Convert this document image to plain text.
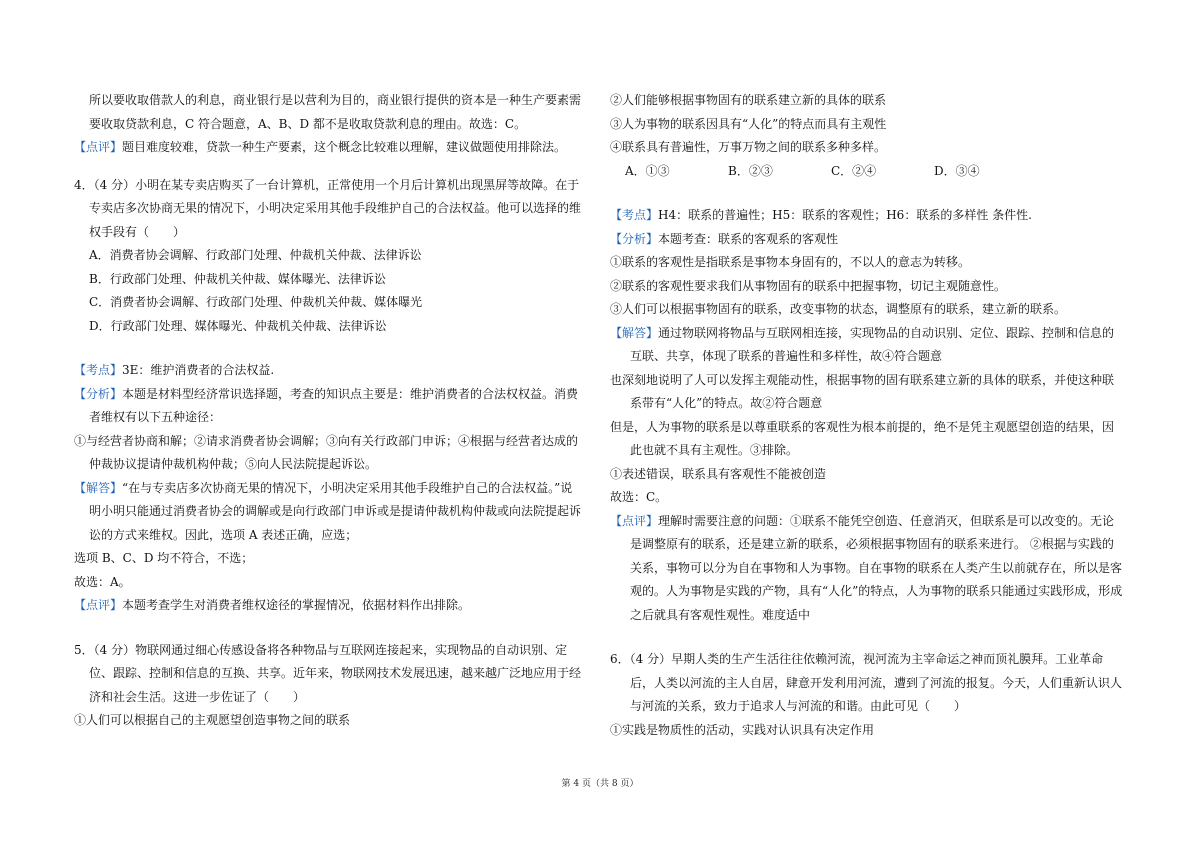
所以要收取借款人的利息，商业银行是以营利为目的，商业银行提供的资本是一种生产要素需
要收取贷款利息，C 符合题意，A、B、D 都不是收取贷款利息的理由。故选：C。
【点评】题目难度较难，贷款一种生产要素，这个概念比较难以理解，建议做题使用排除法。
4．（4 分）小明在某专卖店购买了一台计算机，正常使用一个月后计算机出现黑屏等故障。在于
专卖店多次协商无果的情况下，小明决定采用其他手段维护自己的合法权益。他可以选择的维
权手段有（　　）
A．消费者协会调解、行政部门处理、仲裁机关仲裁、法律诉讼
B．行政部门处理、仲裁机关仲裁、媒体曝光、法律诉讼
C．消费者协会调解、行政部门处理、仲裁机关仲裁、媒体曝光
D．行政部门处理、媒体曝光、仲裁机关仲裁、法律诉讼
【考点】3E：维护消费者的合法权益.
【分析】本题是材料型经济常识选择题，考查的知识点主要是：维护消费者的合法权权益。消费
者维权有以下五种途径：
①与经营者协商和解；②请求消费者协会调解；③向有关行政部门申诉；④根据与经营者达成的
仲裁协议提请仲裁机构仲裁；⑤向人民法院提起诉讼。
【解答】“在与专卖店多次协商无果的情况下，小明决定采用其他手段维护自己的合法权益。”说
明小明只能通过消费者协会的调解或是向行政部门申诉或是提请仲裁机构仲裁或向法院提起诉
讼的方式来维权。因此，选项 A 表述正确，应选；
选项 B、C、D 均不符合，不选；
故选：A。
【点评】本题考查学生对消费者维权途径的掌握情况，依据材料作出排除。
5．（4 分）物联网通过细心传感设备将各种物品与互联网连接起来，实现物品的自动识别、定
位、跟踪、控制和信息的互换、共享。近年来，物联网技术发展迅速，越来越广泛地应用于经
济和社会生活。这进一步佐证了（　　）
①人们可以根据自己的主观愿望创造事物之间的联系
②人们能够根据事物固有的联系建立新的具体的联系
③人为事物的联系因具有“人化”的特点而具有主观性
④联系具有普遍性，万事万物之间的联系多种多样。
A．①③	B．②③	C．②④	D．③④
【考点】H4：联系的普遍性；H5：联系的客观性；H6：联系的多样性 条件性.
【分析】本题考查：联系的客观系的客观性
①联系的客观性是指联系是事物本身固有的，不以人的意志为转移。
②联系的客观性要求我们从事物固有的联系中把握事物，切记主观随意性。
③人们可以根据事物固有的联系，改变事物的状态，调整原有的联系，建立新的联系。
【解答】通过物联网将物品与互联网相连接，实现物品的自动识别、定位、跟踪、控制和信息的
互联、共享，体现了联系的普遍性和多样性，故④符合题意
也深刻地说明了人可以发挥主观能动性，根据事物的固有联系建立新的具体的联系，并使这种联
系带有“人化”的特点。故②符合题意
但是，人为事物的联系是以尊重联系的客观性为根本前提的，绝不是凭主观愿望创造的结果，因
此也就不具有主观性。③排除。
①表述错误，联系具有客观性不能被创造
故选：C。
【点评】理解时需要注意的问题：①联系不能凭空创造、任意消灭，但联系是可以改变的。无论
是调整原有的联系，还是建立新的联系，必须根据事物固有的联系来进行。 ②根据与实践的
关系，事物可以分为自在事物和人为事物。自在事物的联系在人类产生以前就存在，所以是客
观的。人为事物是实践的产物，具有“人化”的特点，人为事物的联系只能通过实践形成，形成
之后就具有客观性观性。难度适中
6．（4 分）早期人类的生产生活往往依赖河流，视河流为主宰命运之神而顶礼膜拜。工业革命
后，人类以河流的主人自居，肆意开发利用河流，遭到了河流的报复。今天，人们重新认识人
与河流的关系，致力于追求人与河流的和谐。由此可见（　　）
①实践是物质性的活动，实践对认识具有决定作用
第 4 页（共 8 页）
